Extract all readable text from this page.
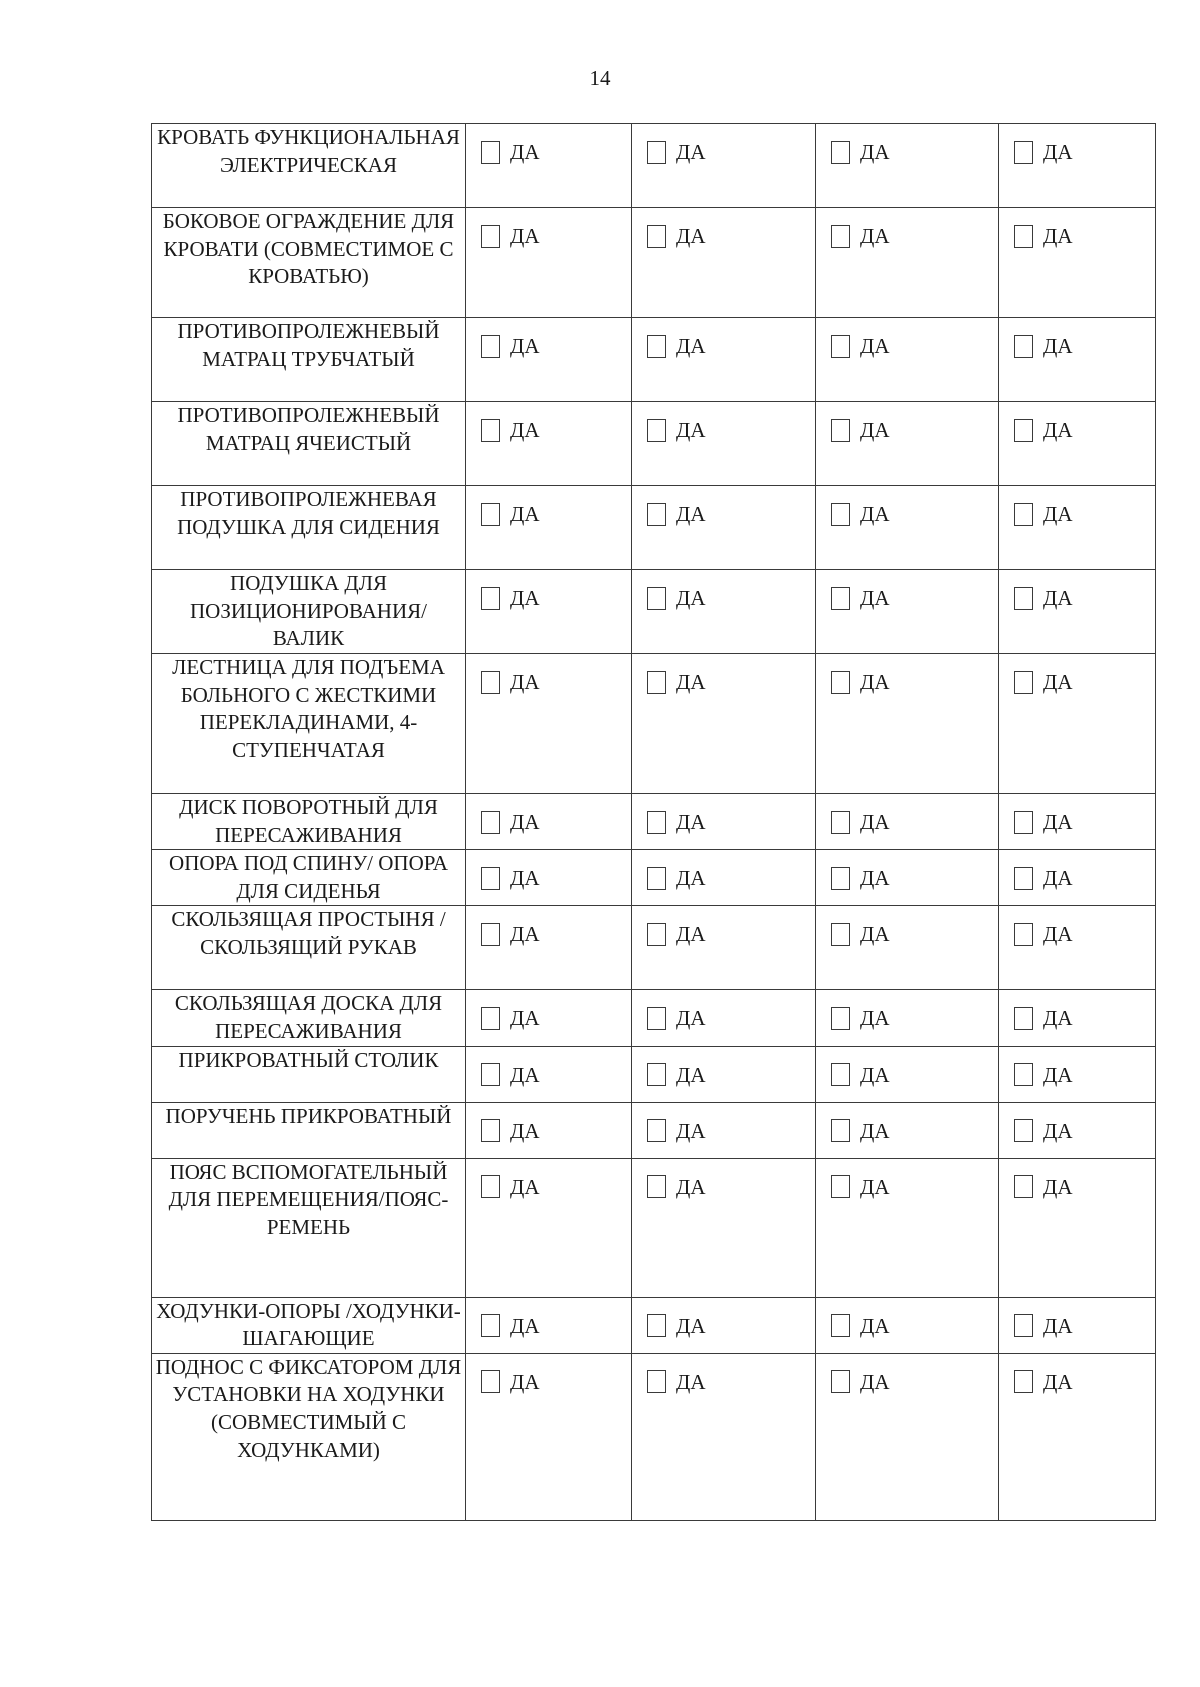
14
КРОВАТЬ ФУНКЦИОНАЛЬНАЯ ЭЛЕКТРИЧЕСКАЯ	ДА	ДА	ДА	ДА

БОКОВОЕ ОГРАЖДЕНИЕ ДЛЯ КРОВАТИ (СОВМЕСТИМОЕ С КРОВАТЬЮ)	ДА	ДА	ДА	ДА

ПРОТИВОПРОЛЕЖНЕВЫЙ МАТРАЦ ТРУБЧАТЫЙ	ДА	ДА	ДА	ДА

ПРОТИВОПРОЛЕЖНЕВЫЙ МАТРАЦ ЯЧЕИСТЫЙ	ДА	ДА	ДА	ДА

ПРОТИВОПРОЛЕЖНЕВАЯ ПОДУШКА ДЛЯ СИДЕНИЯ	ДА	ДА	ДА	ДА

ПОДУШКА ДЛЯ ПОЗИЦИОНИРОВАНИЯ/ ВАЛИК	ДА	ДА	ДА	ДА

ЛЕСТНИЦА ДЛЯ ПОДЪЕМА БОЛЬНОГО С ЖЕСТКИМИ ПЕРЕКЛАДИНАМИ, 4-СТУПЕНЧАТАЯ	ДА	ДА	ДА	ДА

ДИСК ПОВОРОТНЫЙ ДЛЯ ПЕРЕСАЖИВАНИЯ	ДА	ДА	ДА	ДА

ОПОРА ПОД СПИНУ/ ОПОРА ДЛЯ СИДЕНЬЯ	ДА	ДА	ДА	ДА

СКОЛЬЗЯЩАЯ ПРОСТЫНЯ /СКОЛЬЗЯЩИЙ РУКАВ	ДА	ДА	ДА	ДА

СКОЛЬЗЯЩАЯ ДОСКА ДЛЯ ПЕРЕСАЖИВАНИЯ	ДА	ДА	ДА	ДА

ПРИКРОВАТНЫЙ СТОЛИК	ДА	ДА	ДА	ДА

ПОРУЧЕНЬ ПРИКРОВАТНЫЙ	ДА	ДА	ДА	ДА

ПОЯС ВСПОМОГАТЕЛЬНЫЙ ДЛЯ ПЕРЕМЕЩЕНИЯ/ПОЯС-РЕМЕНЬ	ДА	ДА	ДА	ДА

ХОДУНКИ-ОПОРЫ /ХОДУНКИ-ШАГАЮЩИЕ	ДА	ДА	ДА	ДА

ПОДНОС С ФИКСАТОРОМ ДЛЯ УСТАНОВКИ НА ХОДУНКИ (СОВМЕСТИМЫЙ С ХОДУНКАМИ)	ДА	ДА	ДА	ДА
